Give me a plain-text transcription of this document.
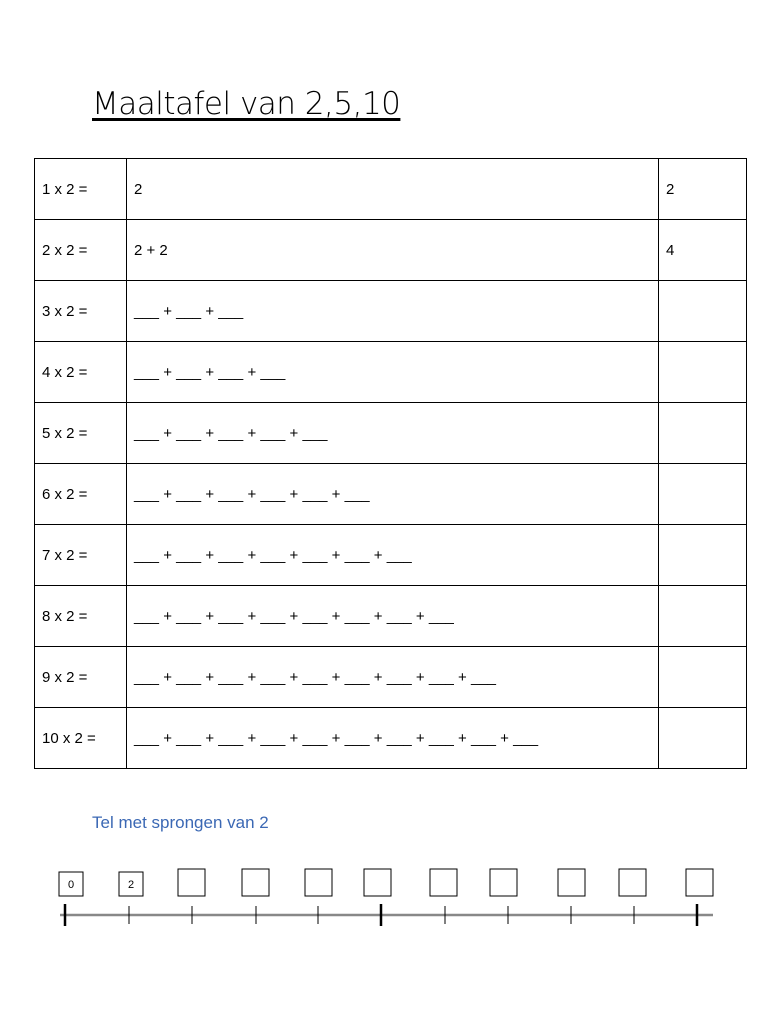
Maaltafel van 2,5,10
1 x 2 =	2	2
2 x 2 =	2 + 2	4
3 x 2 =	___ + ___ + ___	
4 x 2 =	___ + ___ + ___ + ___	
5 x 2 =	___ + ___ + ___ + ___ + ___	
6 x 2 =	___ + ___ + ___ + ___ + ___ + ___	
7 x 2 =	___ + ___ + ___ + ___ + ___ + ___ + ___	
8 x 2 =	___ + ___ + ___ + ___ + ___ + ___ + ___ + ___	
9 x 2 =	___ + ___ + ___ + ___ + ___ + ___ + ___ + ___ + ___	
10 x 2 =	___ + ___ + ___ + ___ + ___ + ___ + ___ + ___ + ___ + ___	
Tel met sprongen van 2
0	2
